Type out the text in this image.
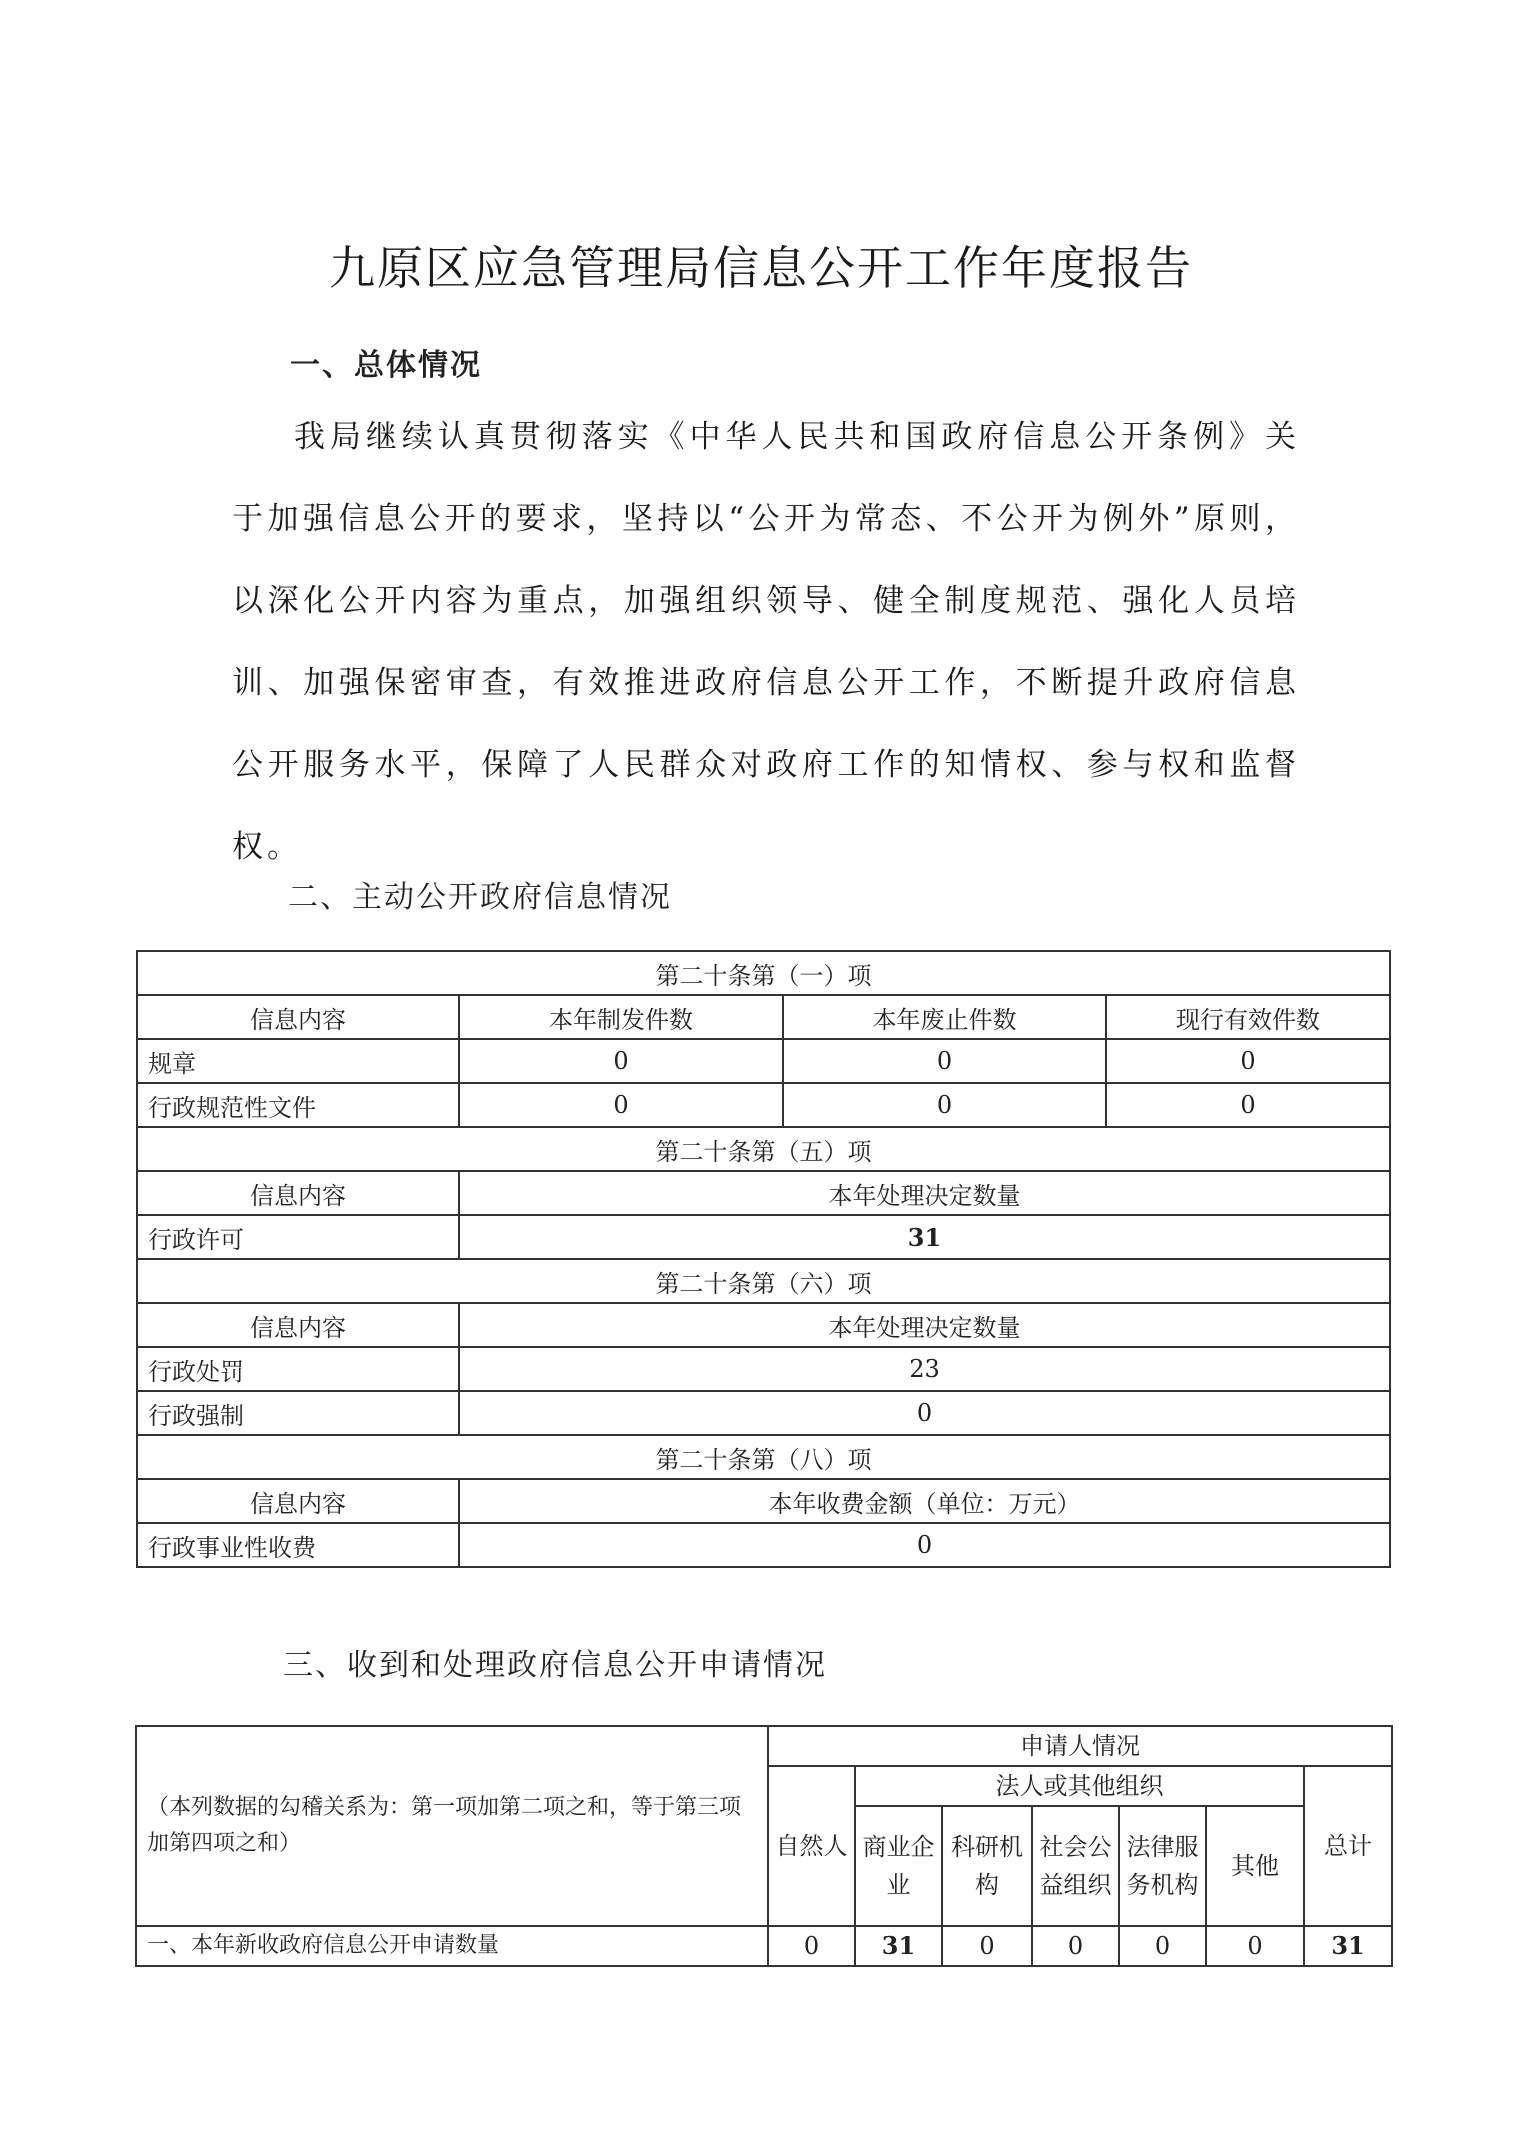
九原区应急管理局信息公开工作年度报告
一、总体情况
我局继续认真贯彻落实《中华人民共和国政府信息公开条例》关于加强信息公开的要求，坚持以“公开为常态、不公开为例外”原则，以深化公开内容为重点，加强组织领导、健全制度规范、强化人员培训、加强保密审查，有效推进政府信息公开工作，不断提升政府信息公开服务水平，保障了人民群众对政府工作的知情权、参与权和监督权。
二、主动公开政府信息情况
第二十条第（一）项			
信息内容	本年制发件数	本年废止件数	现行有效件数
规章	0	0	0
行政规范性文件	0	0	0
第二十条第（五）项			
信息内容	本年处理决定数量		
行政许可	31		
第二十条第（六）项			
信息内容	本年处理决定数量		
行政处罚	23		
行政强制	0		
第二十条第（八）项			
信息内容	本年收费金额（单位：万元）		
行政事业性收费	0		
三、收到和处理政府信息公开申请情况
（本列数据的勾稽关系为：第一项加第二项之和，等于第三项加第四项之和）	申请人情况						
	自然人	法人或其他组织					总计
		商业企业	科研机构	社会公益组织	法律服务机构	其他	
一、本年新收政府信息公开申请数量	0	31	0	0	0	0	31
